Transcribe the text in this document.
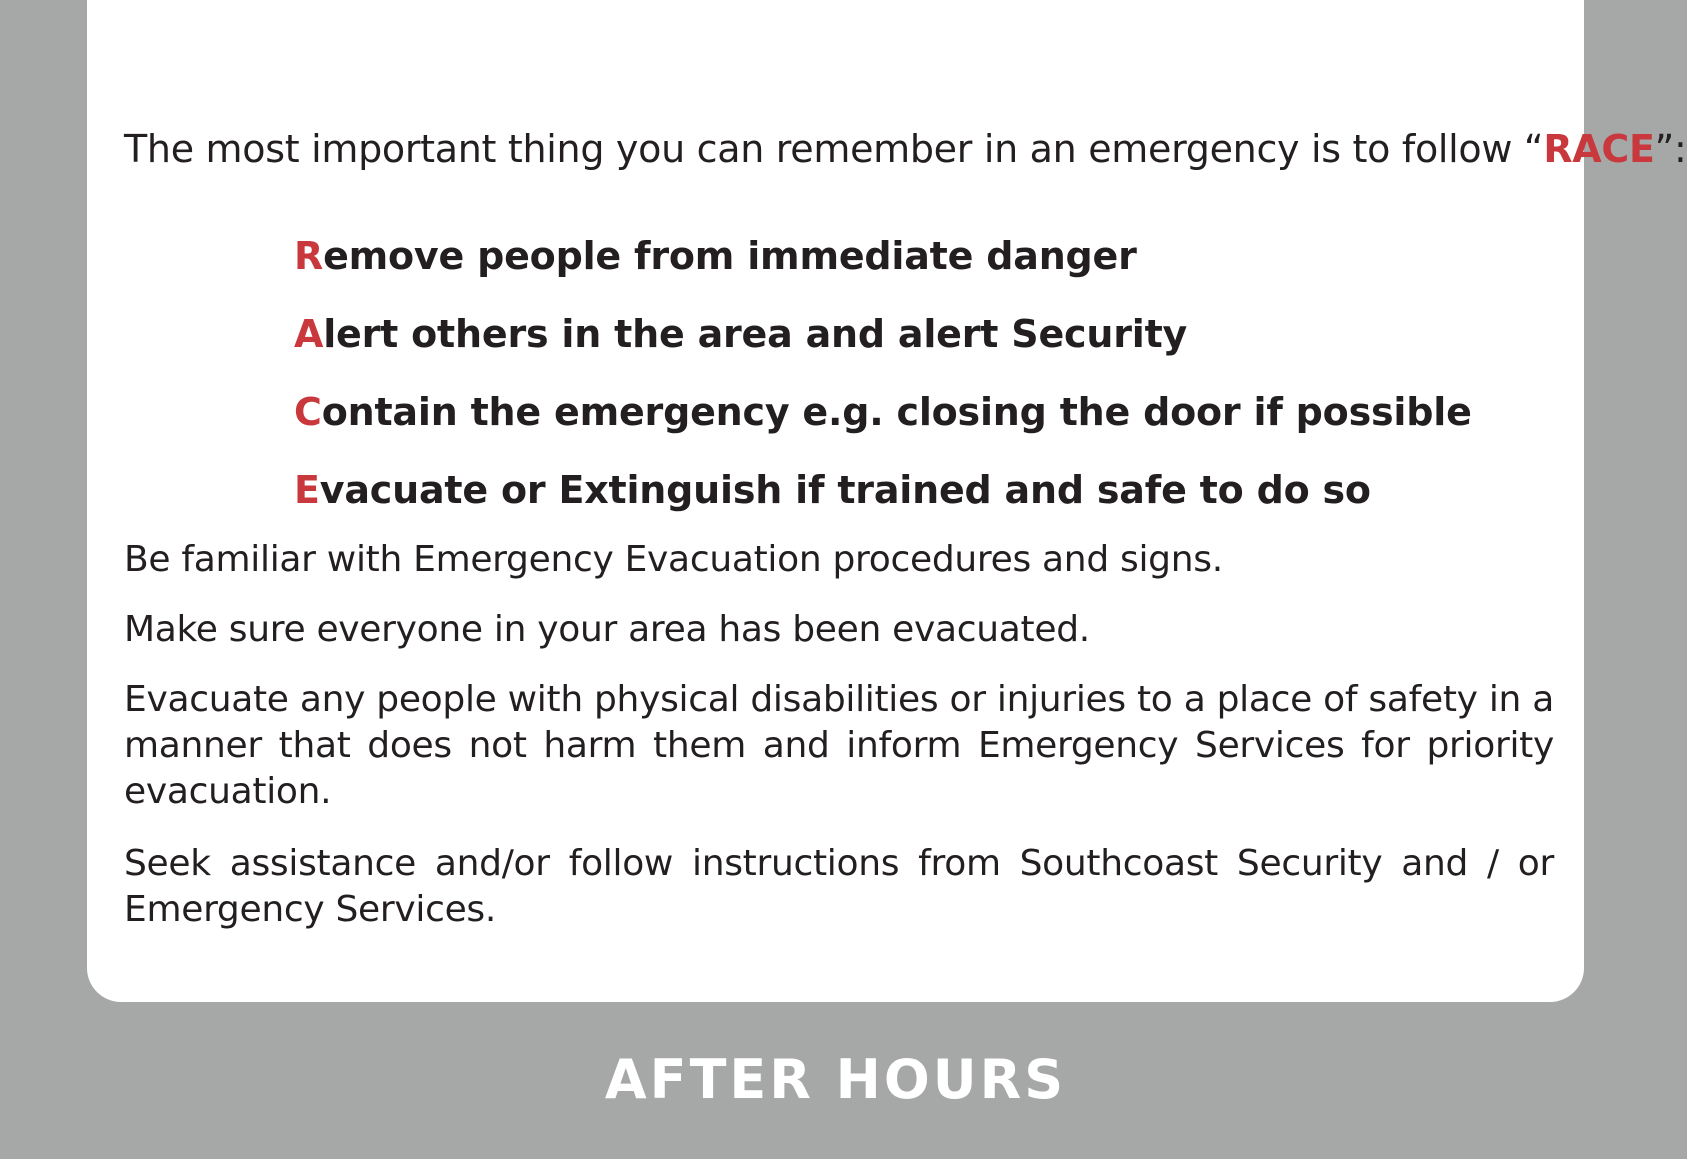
The most important thing you can remember in an emergency is to follow “RACE”:

Remove people from immediate danger

Alert others in the area and alert Security

Contain the emergency e.g. closing the door if possible

Evacuate or Extinguish if trained and safe to do so

Be familiar with Emergency Evacuation procedures and signs.

Make sure everyone in your area has been evacuated.

Evacuate any people with physical disabilities or injuries to a place of safety in a manner that does not harm them and inform Emergency Services for priority evacuation.

Seek assistance and/or follow instructions from Southcoast Security and / or Emergency Services.

AFTER HOURS
